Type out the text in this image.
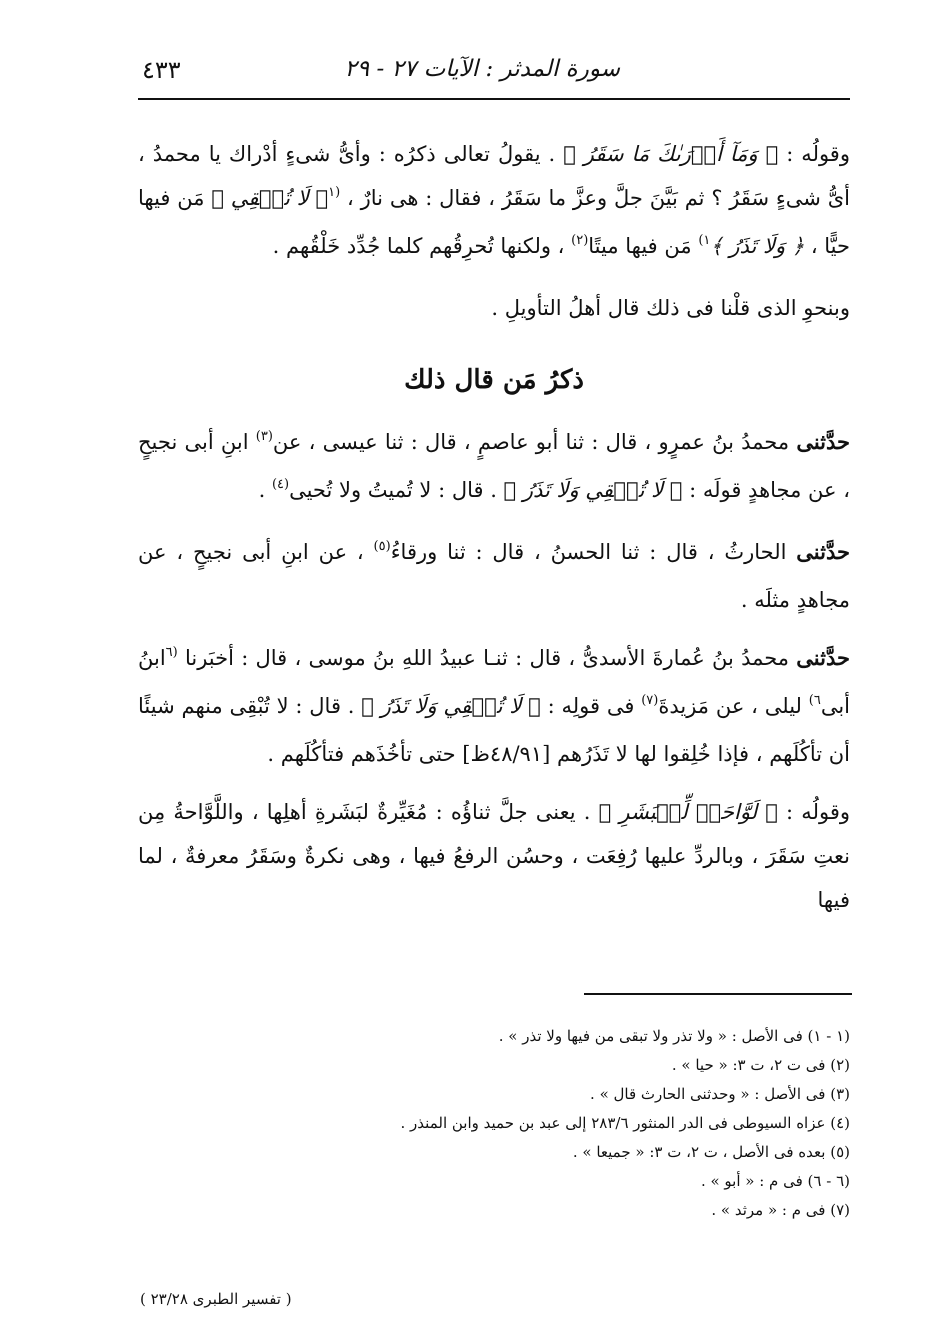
سورة المدثر : الآيات ٢٧ - ٢٩
٤٣٣

وقولُه : ﴿ وَمَآ أَدۡرَىٰكَ مَا سَقَرُ ﴾ . يقولُ تعالى ذكرُه : وأىُّ شىءٍ أدْراك يا محمدُ ، أىُّ شىءٍ سَقَرُ ؟ ثم بَيَّنَ جلَّ وعزَّ ما سَقَرُ ، فقال : هى نارٌ ، $^{(١}$﴿ لَا تُبۡقِي ﴾ مَن فيها حيًّا ، ﴿ وَلَا تَذَرُ ﴾$^{١)}$ مَن فيها ميتًا$^{(٢)}$ ، ولكنها تُحرِقُهم كلما جُدِّد خَلْقُهم .

وبنحوِ الذى قلْنا فى ذلك قال أهلُ التأويلِ .

ذكرُ مَن قال ذلك

حدَّثنى محمدُ بنُ عمرٍو ، قال : ثنا أبو عاصمٍ ، قال : ثنا عيسى ، عن$^{(٣)}$ ابنِ أبى نجيحٍ ، عن مجاهدٍ قولَه : ﴿ لَا تُبۡقِي وَلَا تَذَرُ ﴾ . قال : لا تُميتُ ولا تُحيى$^{(٤)}$ .

حدَّثنى الحارثُ ، قال : ثنا الحسنُ ، قال : ثنا ورقاءُ$^{(٥)}$ ، عن ابنِ أبى نجيحٍ ، عن مجاهدٍ مثلَه .

حدَّثنى محمدُ بنُ عُمارةَ الأسدىُّ ، قال : ثنـا عبيدُ اللهِ بنُ موسى ، قال : أخبَرنا $^{(٦}$ابنُ أبى$^{٦)}$ ليلى ، عن مَزيدةَ$^{(٧)}$ فى قولِه : ﴿ لَا تُبۡقِي وَلَا تَذَرُ ﴾ . قال : لا تُبْقِى منهم شيئًا أن تأكُلَهم ، فإذا خُلِقوا لها لا تَذَرُهم [٤٨/٩١ظ] حتى تأخُذَهم فتأكُلَهم .

وقولُه : ﴿ لَوَّاحَةٞ لِّلۡبَشَرِ ﴾ . يعنى جلَّ ثناؤُه : مُغَيِّرةٌ لبَشَرةِ أهلِها ، واللَّوَّاحةُ مِن نعتِ سَقَرَ ، وبالردِّ عليها رُفِعَت ، وحسُن الرفعُ فيها ، وهى نكرةٌ وسَقَرُ معرفةٌ ، لما فيها

(١ - ١) فى الأصل : « ولا تذر ولا تبقى من فيها ولا تذر » .
(٢) فى ت ٢، ت ٣: « حيا » .
(٣) فى الأصل : « وحدثنى الحارث قال » .
(٤) عزاه السيوطى فى الدر المنثور ٢٨٣/٦ إلى عبد بن حميد وابن المنذر .
(٥) بعده فى الأصل ، ت ٢، ت ٣: « جميعا » .
(٦ - ٦) فى م : « أبو » .
(٧) فى م : « مرثد » .
( تفسير الطبرى ٢٣/٢٨ )
